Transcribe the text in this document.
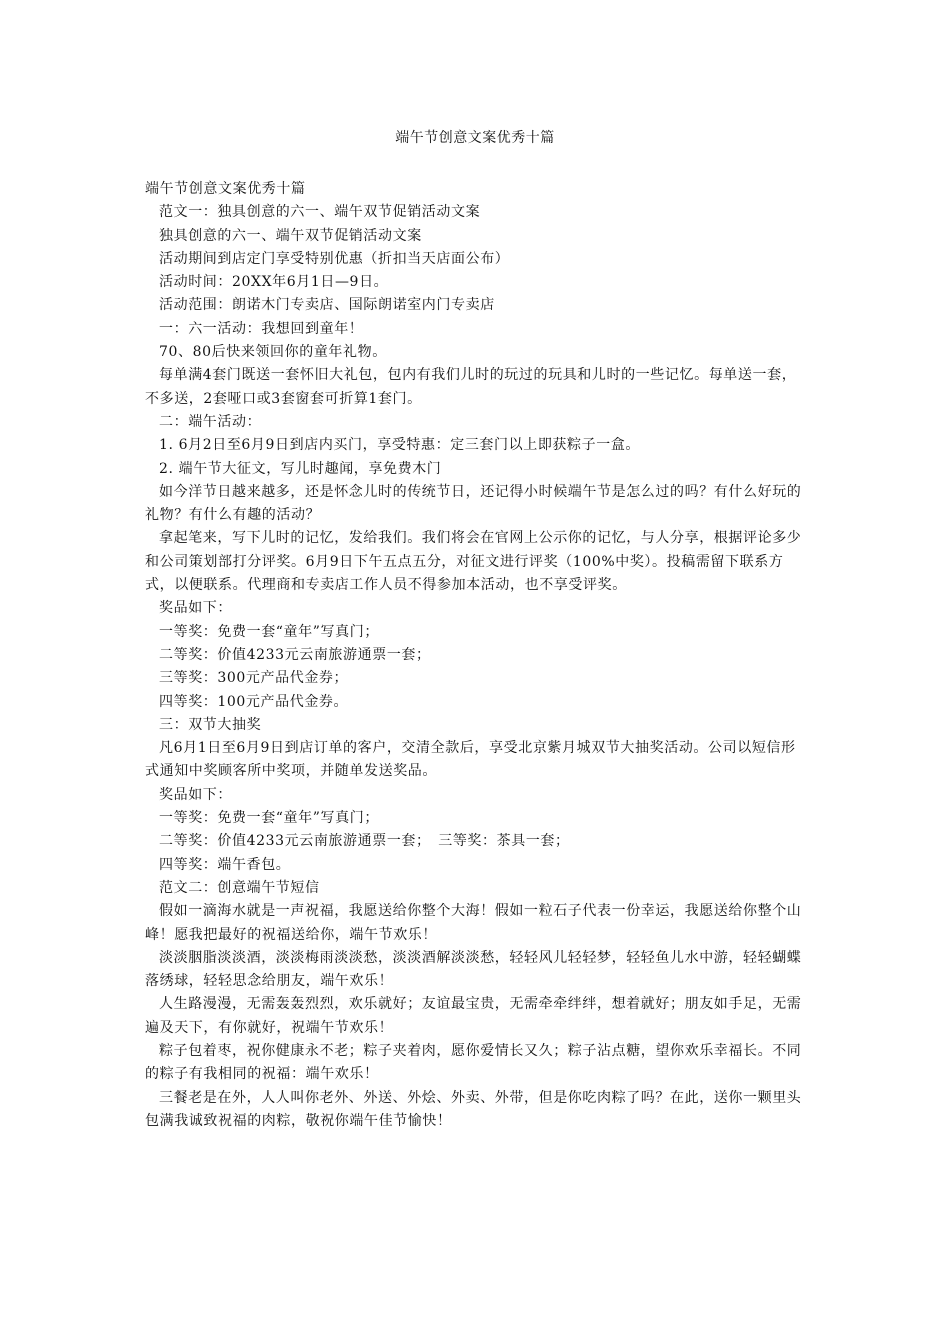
端午节创意文案优秀十篇

端午节创意文案优秀十篇

范文一：独具创意的六一、端午双节促销活动文案

独具创意的六一、端午双节促销活动文案

活动期间到店定门享受特别优惠（折扣当天店面公布）

活动时间：20XX年6月1日—9日。

活动范围：朗诺木门专卖店、国际朗诺室内门专卖店

一：六一活动：我想回到童年！

70、80后快来领回你的童年礼物。

每单满4套门既送一套怀旧大礼包，包内有我们儿时的玩过的玩具和儿时的一些记忆。每单送一套，不多送，2套哑口或3套窗套可折算1套门。

二：端午活动：

1. 6月2日至6月9日到店内买门，享受特惠：定三套门以上即获粽子一盒。

2. 端午节大征文，写儿时趣闻，享免费木门

如今洋节日越来越多，还是怀念儿时的传统节日，还记得小时候端午节是怎么过的吗？有什么好玩的礼物？有什么有趣的活动？

拿起笔来，写下儿时的记忆，发给我们。我们将会在官网上公示你的记忆，与人分享，根据评论多少和公司策划部打分评奖。6月9日下午五点五分，对征文进行评奖（100%中奖）。投稿需留下联系方式，以便联系。代理商和专卖店工作人员不得参加本活动，也不享受评奖。

奖品如下：

一等奖：免费一套“童年”写真门；

二等奖：价值4233元云南旅游通票一套；

三等奖：300元产品代金券；

四等奖：100元产品代金券。

三：双节大抽奖

凡6月1日至6月9日到店订单的客户，交清全款后，享受北京紫月城双节大抽奖活动。公司以短信形式通知中奖顾客所中奖项，并随单发送奖品。

奖品如下：

一等奖：免费一套“童年”写真门；

二等奖：价值4233元云南旅游通票一套；　三等奖：茶具一套；

四等奖：端午香包。

范文二：创意端午节短信

假如一滴海水就是一声祝福，我愿送给你整个大海！假如一粒石子代表一份幸运，我愿送给你整个山峰！愿我把最好的祝福送给你，端午节欢乐！

淡淡胭脂淡淡酒，淡淡梅雨淡淡愁，淡淡酒解淡淡愁，轻轻风儿轻轻梦，轻轻鱼儿水中游，轻轻蝴蝶落绣球，轻轻思念给朋友，端午欢乐！

人生路漫漫，无需轰轰烈烈，欢乐就好；友谊最宝贵，无需牵牵绊绊，想着就好；朋友如手足，无需遍及天下，有你就好，祝端午节欢乐！

粽子包着枣，祝你健康永不老；粽子夹着肉，愿你爱情长又久；粽子沾点糖，望你欢乐幸福长。不同的粽子有我相同的祝福：端午欢乐！

三餐老是在外，人人叫你老外、外送、外烩、外卖、外带，但是你吃肉粽了吗？在此，送你一颗里头包满我诚致祝福的肉粽，敬祝你端午佳节愉快！
